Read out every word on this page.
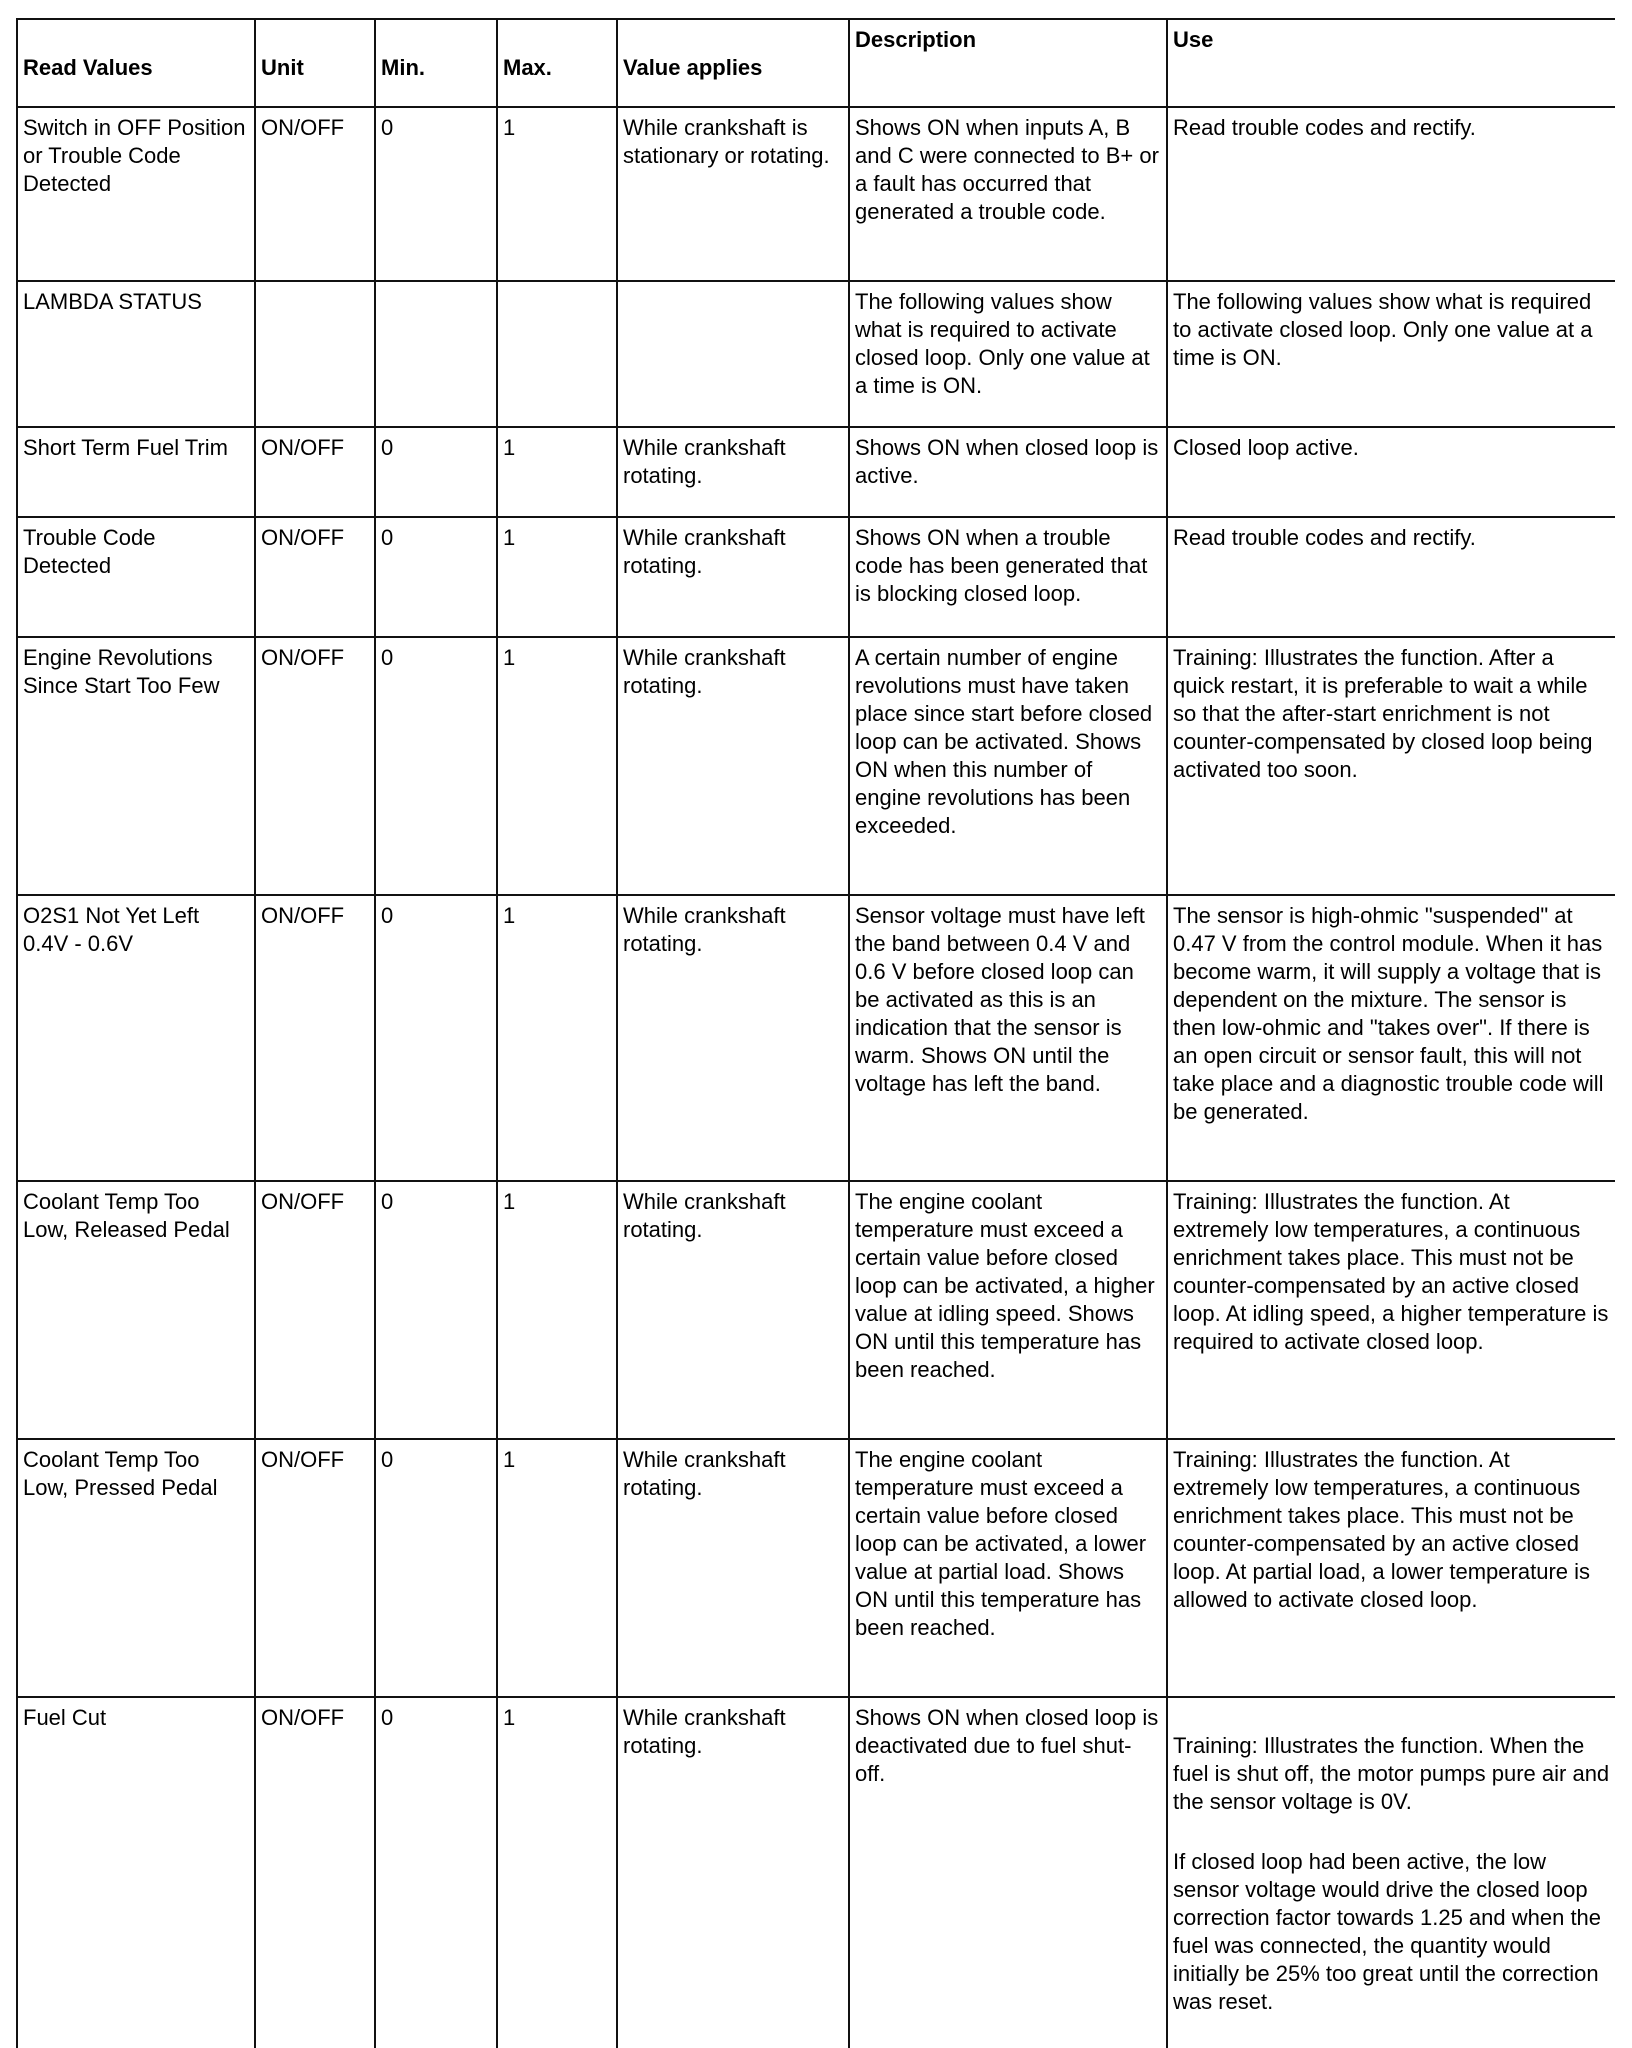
Read Values	Unit	Min.	Max.	Value applies	Description	Use
Switch in OFF Position or Trouble Code Detected	ON/OFF	0	1	While crankshaft is stationary or rotating.	Shows ON when inputs A, B and C were connected to B+ or a fault has occurred that generated a trouble code.	Read trouble codes and rectify.

LAMBDA STATUS					The following values show what is required to activate closed loop. Only one value at a time is ON.	The following values show what is required to activate closed loop. Only one value at a time is ON.

Short Term Fuel Trim	ON/OFF	0	1	While crankshaft rotating.	Shows ON when closed loop is active.	Closed loop active.

Trouble Code Detected	ON/OFF	0	1	While crankshaft rotating.	Shows ON when a trouble code has been generated that is blocking closed loop.	Read trouble codes and rectify.

Engine Revolutions Since Start Too Few	ON/OFF	0	1	While crankshaft rotating.	A certain number of engine revolutions must have taken place since start before closed loop can be activated. Shows ON when this number of engine revolutions has been exceeded.	Training: Illustrates the function. After a quick restart, it is preferable to wait a while so that the after-start enrichment is not counter-compensated by closed loop being activated too soon.

O2S1 Not Yet Left 0.4V - 0.6V	ON/OFF	0	1	While crankshaft rotating.	Sensor voltage must have left the band between 0.4 V and 0.6 V before closed loop can be activated as this is an indication that the sensor is warm. Shows ON until the voltage has left the band.	The sensor is high-ohmic "suspended" at 0.47 V from the control module. When it has become warm, it will supply a voltage that is dependent on the mixture. The sensor is then low-ohmic and "takes over". If there is an open circuit or sensor fault, this will not take place and a diagnostic trouble code will be generated.

Coolant Temp Too Low, Released Pedal	ON/OFF	0	1	While crankshaft rotating.	The engine coolant temperature must exceed a certain value before closed loop can be activated, a higher value at idling speed. Shows ON until this temperature has been reached.	Training: Illustrates the function. At extremely low temperatures, a continuous enrichment takes place. This must not be counter-compensated by an active closed loop. At idling speed, a higher temperature is required to activate closed loop.

Coolant Temp Too Low, Pressed Pedal	ON/OFF	0	1	While crankshaft rotating.	The engine coolant temperature must exceed a certain value before closed loop can be activated, a lower value at partial load. Shows ON until this temperature has been reached.	Training: Illustrates the function. At extremely low temperatures, a continuous enrichment takes place. This must not be counter-compensated by an active closed loop. At partial load, a lower temperature is allowed to activate closed loop.

Fuel Cut	ON/OFF	0	1	While crankshaft rotating.	Shows ON when closed loop is deactivated due to fuel shut-off.	Training: Illustrates the function. When the fuel is shut off, the motor pumps pure air and the sensor voltage is 0V.

If closed loop had been active, the low sensor voltage would drive the closed loop correction factor towards 1.25 and when the fuel was connected, the quantity would initially be 25% too great until the correction was reset.
